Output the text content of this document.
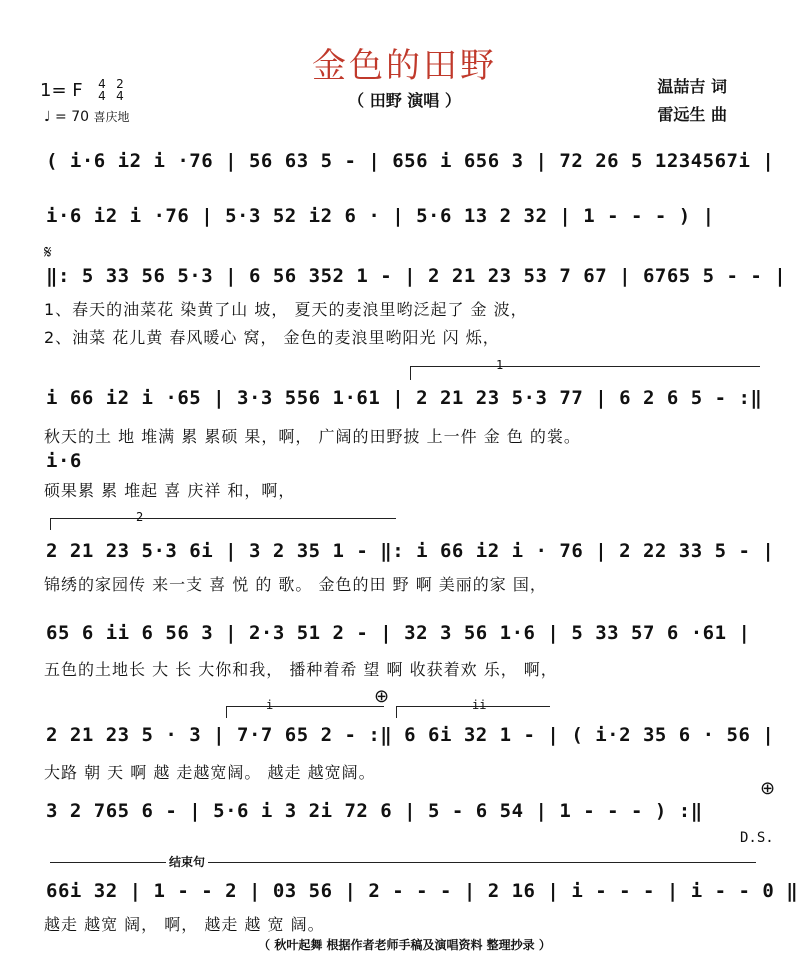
金色的田野
（ 田野 演唱 ）
1= F 4
4
2
4
♩ = 70 喜庆地
温喆吉 词
雷远生 曲
( i·6 i2 i ·76 | 56 63 5 - | 656 i 656 3 | 72 26 5 1234567i |
i·6 i2 i ·76 | 5·3 52 i2 6 · | 5·6 13 2 32 | 1 - - - ) |
𝄋
‖: 5 33 56 5·3 | 6 56 352 1 - | 2 21 23 53 7 67 | 6765 5 - - |
1、春天的油菜花 染黄了山 坡， 夏天的麦浪里哟泛起了 金 波，
2、油菜 花儿黄 春风暖心 窝， 金色的麦浪里哟阳光 闪 烁，
1
i 66 i2 i ·65 | 3·3 556 1·61 | 2 21 23 5·3 77 | 6 2 6 5 - :‖
秋天的土 地 堆满 累 累硕 果，啊， 广阔的田野披 上一件 金 色 的裳。
i·6
硕果累 累 堆起 喜 庆祥 和，啊，
2
2 21 23 5·3 6i | 3 2 35 1 - ‖: i 66 i2 i · 76 | 2 22 33 5 - |
锦绣的家园传 来一支 喜 悦 的 歌。 金色的田 野 啊 美丽的家 国，
65 6 ii 6 56 3 | 2·3 51 2 - | 32 3 56 1·6 | 5 33 57 6 ·61 |
五色的土地长 大 长 大你和我， 播种着希 望 啊 收获着欢 乐， 啊，
i	⊕	ii
2 21 23 5 · 3 | 7·7 65 2 - :‖ 6 6i 32 1 - | ( i·2 35 6 · 56 |
大路 朝 天 啊 越 走越宽阔。 越走 越宽阔。
⊕
3 2 765 6 - | 5·6 i 3 2i 72 6 | 5 - 6 54 | 1 - - - ) :‖
D.S.
结束句
66i 32 | 1 - - 2 | 03 56 | 2 - - - | 2 16 | i - - - | i - - 0 ‖
越走 越宽 阔， 啊， 越走 越 宽 阔。
（ 秋叶起舞 根据作者老师手稿及演唱资料 整理抄录 ）
